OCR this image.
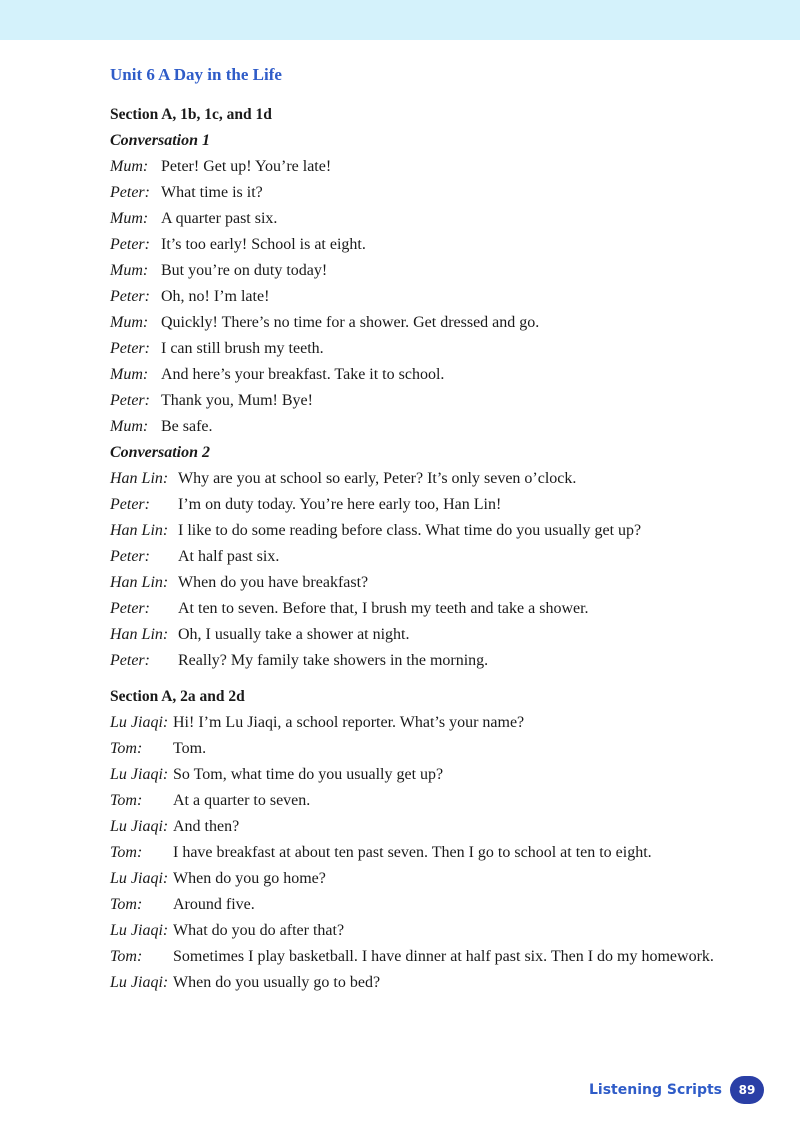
Unit 6 A Day in the Life
Section A, 1b, 1c, and 1d
Conversation 1
Mum: Peter! Get up! You’re late!
Peter: What time is it?
Mum: A quarter past six.
Peter: It’s too early! School is at eight.
Mum: But you’re on duty today!
Peter: Oh, no! I’m late!
Mum: Quickly! There’s no time for a shower. Get dressed and go.
Peter: I can still brush my teeth.
Mum: And here’s your breakfast. Take it to school.
Peter: Thank you, Mum! Bye!
Mum: Be safe.
Conversation 2
Han Lin: Why are you at school so early, Peter? It’s only seven o’clock.
Peter:	I’m on duty today. You’re here early too, Han Lin!
Han Lin: I like to do some reading before class. What time do you usually get up?
Peter:	At half past six.
Han Lin: When do you have breakfast?
Peter:	At ten to seven. Before that, I brush my teeth and take a shower.
Han Lin: Oh, I usually take a shower at night.
Peter:	Really? My family take showers in the morning.
Section A, 2a and 2d
Lu Jiaqi: Hi! I’m Lu Jiaqi, a school reporter. What’s your name?
Tom:	Tom.
Lu Jiaqi: So Tom, what time do you usually get up?
Tom:	At a quarter to seven.
Lu Jiaqi: And then?
Tom:	I have breakfast at about ten past seven. Then I go to school at ten to eight.
Lu Jiaqi: When do you go home?
Tom:	Around five.
Lu Jiaqi: What do you do after that?
Tom:	Sometimes I play basketball. I have dinner at half past six. Then I do my homework.
Lu Jiaqi: When do you usually go to bed?
Listening Scripts	89
